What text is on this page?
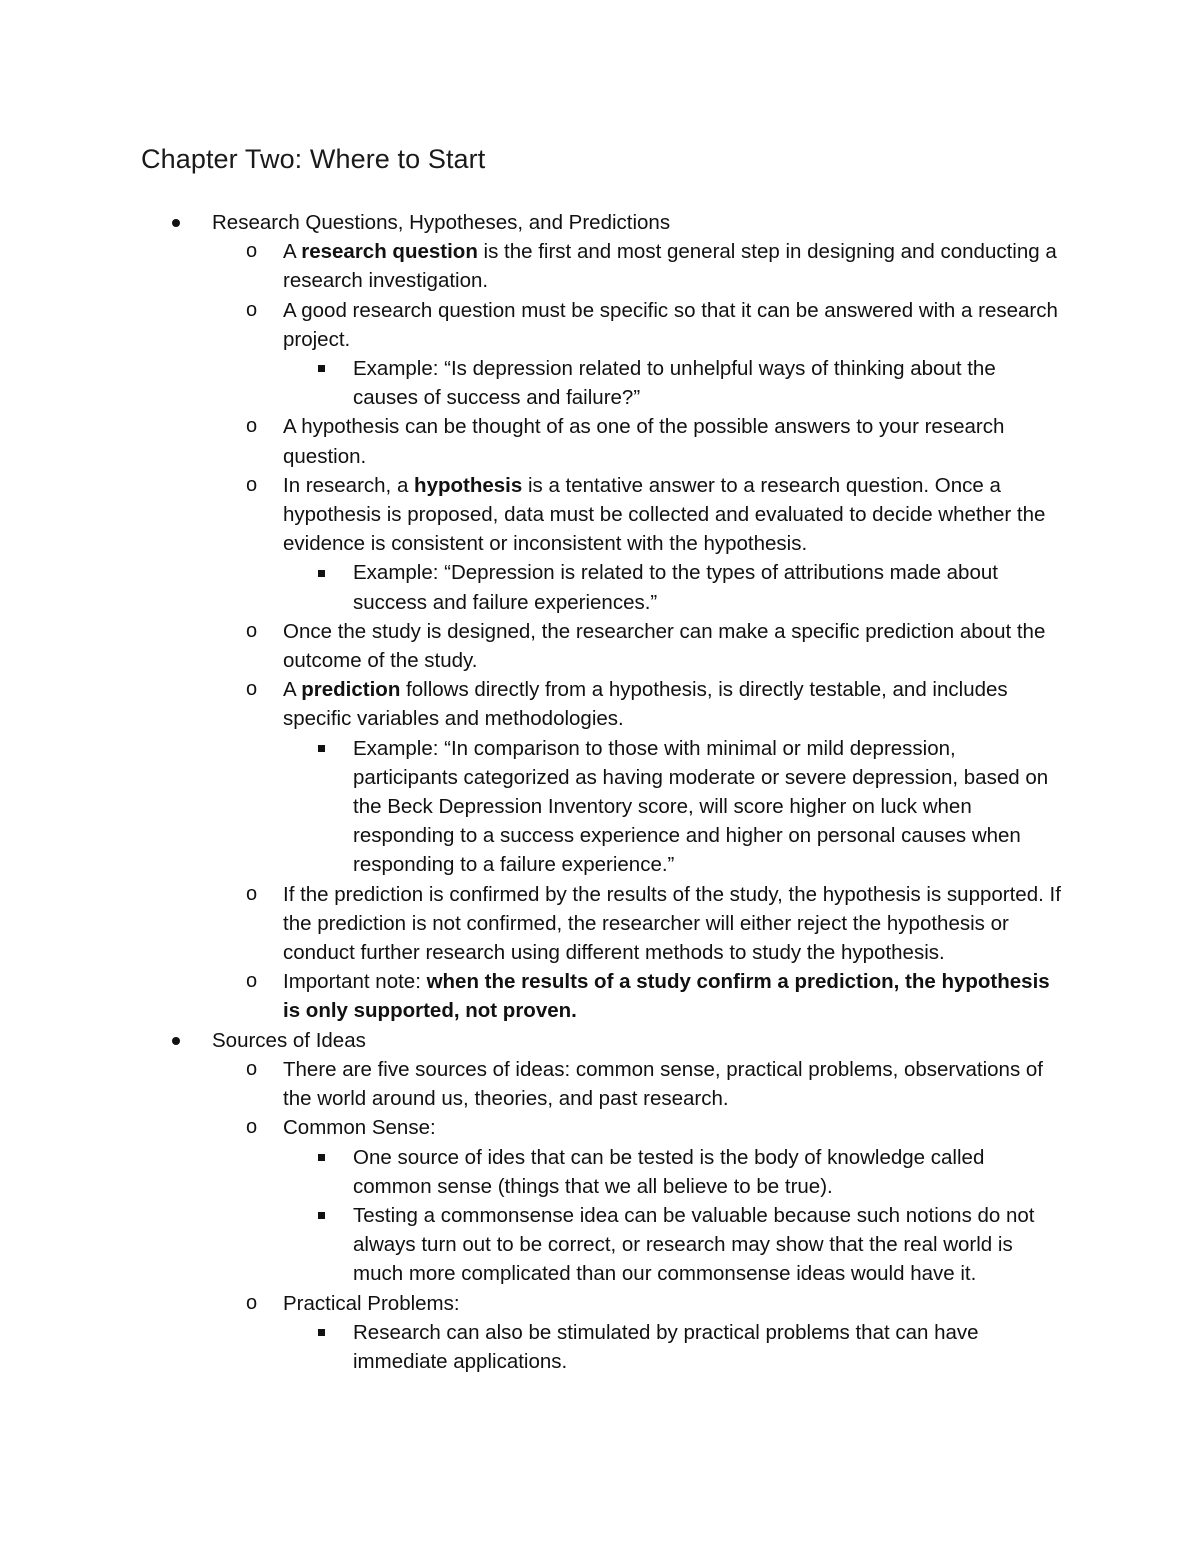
Chapter Two: Where to Start
Research Questions, Hypotheses, and Predictions
o A research question is the first and most general step in designing and conducting a research investigation.
o A good research question must be specific so that it can be answered with a research project.
Example: “Is depression related to unhelpful ways of thinking about the causes of success and failure?”
o A hypothesis can be thought of as one of the possible answers to your research question.
o In research, a hypothesis is a tentative answer to a research question. Once a hypothesis is proposed, data must be collected and evaluated to decide whether the evidence is consistent or inconsistent with the hypothesis.
Example: “Depression is related to the types of attributions made about success and failure experiences.”
o Once the study is designed, the researcher can make a specific prediction about the outcome of the study.
o A prediction follows directly from a hypothesis, is directly testable, and includes specific variables and methodologies.
Example: “In comparison to those with minimal or mild depression, participants categorized as having moderate or severe depression, based on the Beck Depression Inventory score, will score higher on luck when responding to a success experience and higher on personal causes when responding to a failure experience.”
o If the prediction is confirmed by the results of the study, the hypothesis is supported. If the prediction is not confirmed, the researcher will either reject the hypothesis or conduct further research using different methods to study the hypothesis.
o Important note: when the results of a study confirm a prediction, the hypothesis is only supported, not proven.
Sources of Ideas
o There are five sources of ideas: common sense, practical problems, observations of the world around us, theories, and past research.
o Common Sense:
One source of ides that can be tested is the body of knowledge called common sense (things that we all believe to be true).
Testing a commonsense idea can be valuable because such notions do not always turn out to be correct, or research may show that the real world is much more complicated than our commonsense ideas would have it.
o Practical Problems:
Research can also be stimulated by practical problems that can have immediate applications.
